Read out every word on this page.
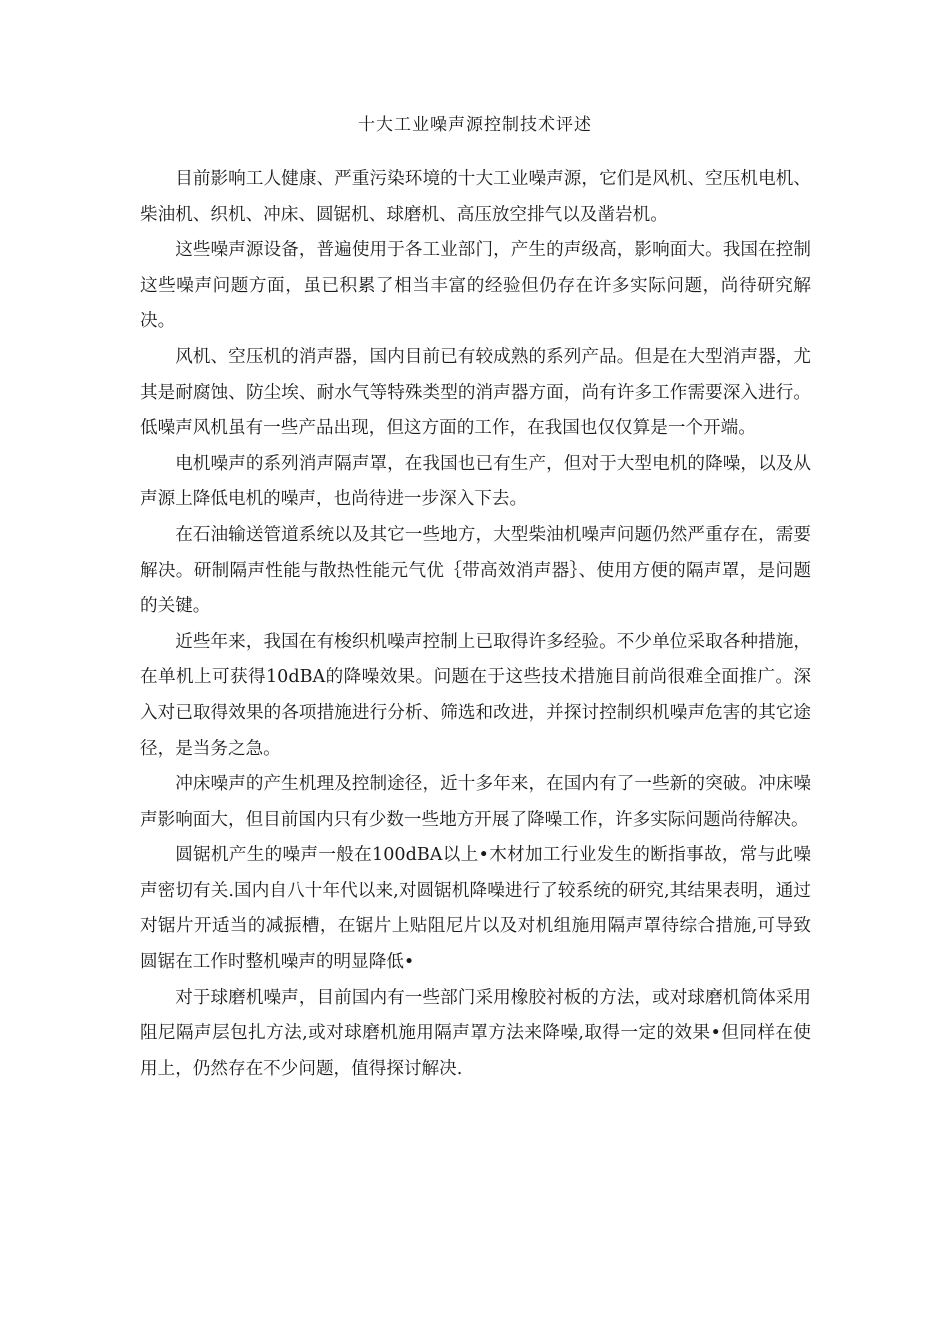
十大工业噪声源控制技术评述

目前影响工人健康、严重污染环境的十大工业噪声源，它们是风机、空压机电机、柴油机、织机、冲床、圆锯机、球磨机、高压放空排气以及凿岩机。

这些噪声源设备，普遍使用于各工业部门，产生的声级高，影响面大。我国在控制这些噪声问题方面，虽已积累了相当丰富的经验但仍存在许多实际问题，尚待研究解决。

风机、空压机的消声器，国内目前已有较成熟的系列产品。但是在大型消声器，尤其是耐腐蚀、防尘埃、耐水气等特殊类型的消声器方面，尚有许多工作需要深入进行。低噪声风机虽有一些产品出现，但这方面的工作，在我国也仅仅算是一个开端。

电机噪声的系列消声隔声罩，在我国也已有生产，但对于大型电机的降噪，以及从声源上降低电机的噪声，也尚待进一步深入下去。

在石油输送管道系统以及其它一些地方，大型柴油机噪声问题仍然严重存在，需要解决。研制隔声性能与散热性能元气优｛带高效消声器｝、使用方便的隔声罩，是问题的关键。

近些年来，我国在有梭织机噪声控制上已取得许多经验。不少单位采取各种措施，在单机上可获得10dBA的降噪效果。问题在于这些技术措施目前尚很难全面推广。深入对已取得效果的各项措施进行分析、筛选和改进，并探讨控制织机噪声危害的其它途径，是当务之急。

冲床噪声的产生机理及控制途径，近十多年来，在国内有了一些新的突破。冲床噪声影响面大，但目前国内只有少数一些地方开展了降噪工作，许多实际问题尚待解决。

圆锯机产生的噪声一般在100dBA以上•木材加工行业发生的断指事故，常与此噪声密切有关.国内自八十年代以来,对圆锯机降噪进行了较系统的研究,其结果表明，通过对锯片开适当的减振槽，在锯片上贴阻尼片以及对机组施用隔声罩待综合措施,可导致圆锯在工作时整机噪声的明显降低•

对于球磨机噪声，目前国内有一些部门采用橡胶衬板的方法，或对球磨机筒体采用阻尼隔声层包扎方法,或对球磨机施用隔声罩方法来降噪,取得一定的效果•但同样在使用上，仍然存在不少问题，值得探讨解决.
